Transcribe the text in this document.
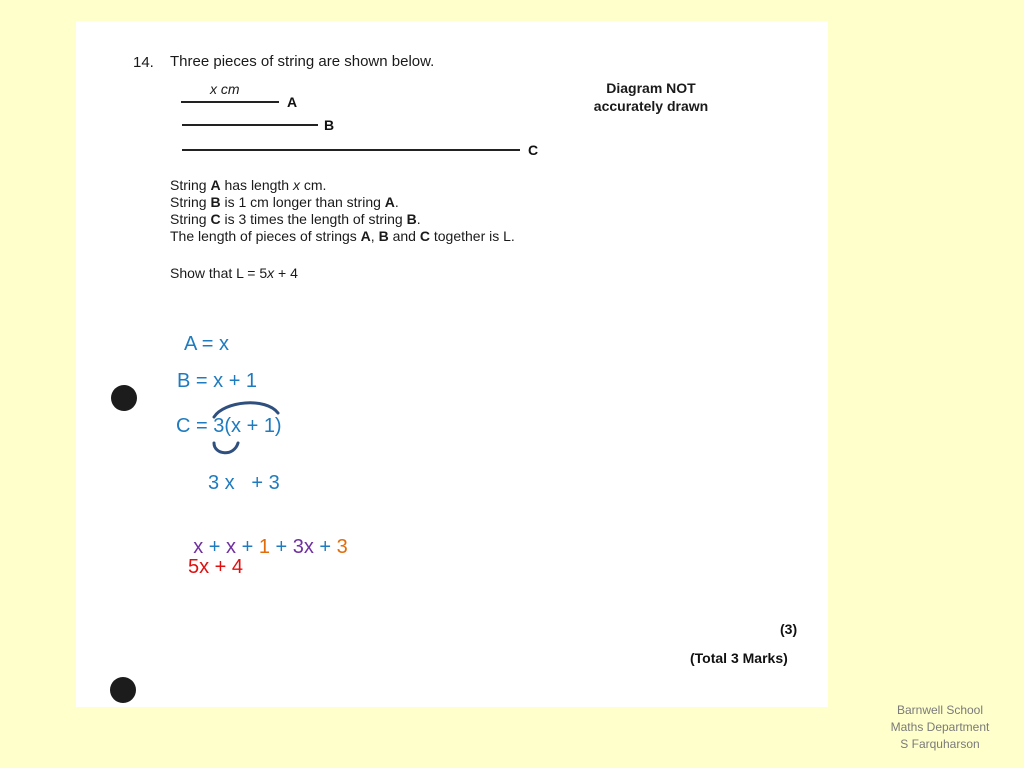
14. Three pieces of string are shown below.
Diagram NOT
accurately drawn
x cm
A
B
C
String A has length x cm.
String B is 1 cm longer than string A.
String C is 3 times the length of string B.
The length of pieces of strings A, B and C together is L.
Show that L = 5x + 4
A = x
B = x + 1
C = 3(x + 1)
3 x   + 3

x + x + 1 + 3x + 3

5x + 4
(3)
(Total 3 Marks)
Barnwell School
Maths Department
S Farquharson
